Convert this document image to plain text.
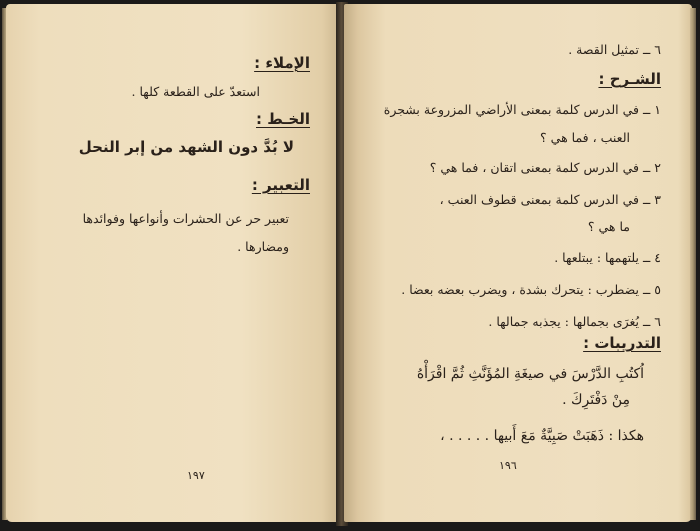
الإملاء :
استعدّ على القطعة كلها .
الخـط :
لا بُدَّ دون الشهد من إبر النحل
التعبير :
تعبير حر عن الحشرات وأنواعها وفوائدها
ومضارها .
١٩٧
٦ ــ تمثيل القصة .
الشـرح :
١ ــ في الدرس كلمة بمعنى الأراضي المزروعة بشجرة
العنب ، فما هي ؟
٢ ــ في الدرس كلمة بمعنى اتقان ، فما هي ؟
٣ ــ في الدرس كلمة بمعنى قطوف العنب ،
ما هي ؟
٤ ــ يلتهمها : يبتلعها .
٥ ــ يضطرب : يتحرك بشدة ، ويضرب بعضه بعضا .
٦ ــ يُغرَى بجمالها : يجذبه جمالها .
التدريبات :
اُكتُبِ الدَّرْسَ في صيغَةِ المُؤَنَّثِ ثُمَّ اقْرَأْهُ
مِنْ دَفْتَرِكَ .
هكذا : ذَهَبَتْ صَبِيَّةٌ مَعَ أَبيها . . . . . ،
١٩٦
